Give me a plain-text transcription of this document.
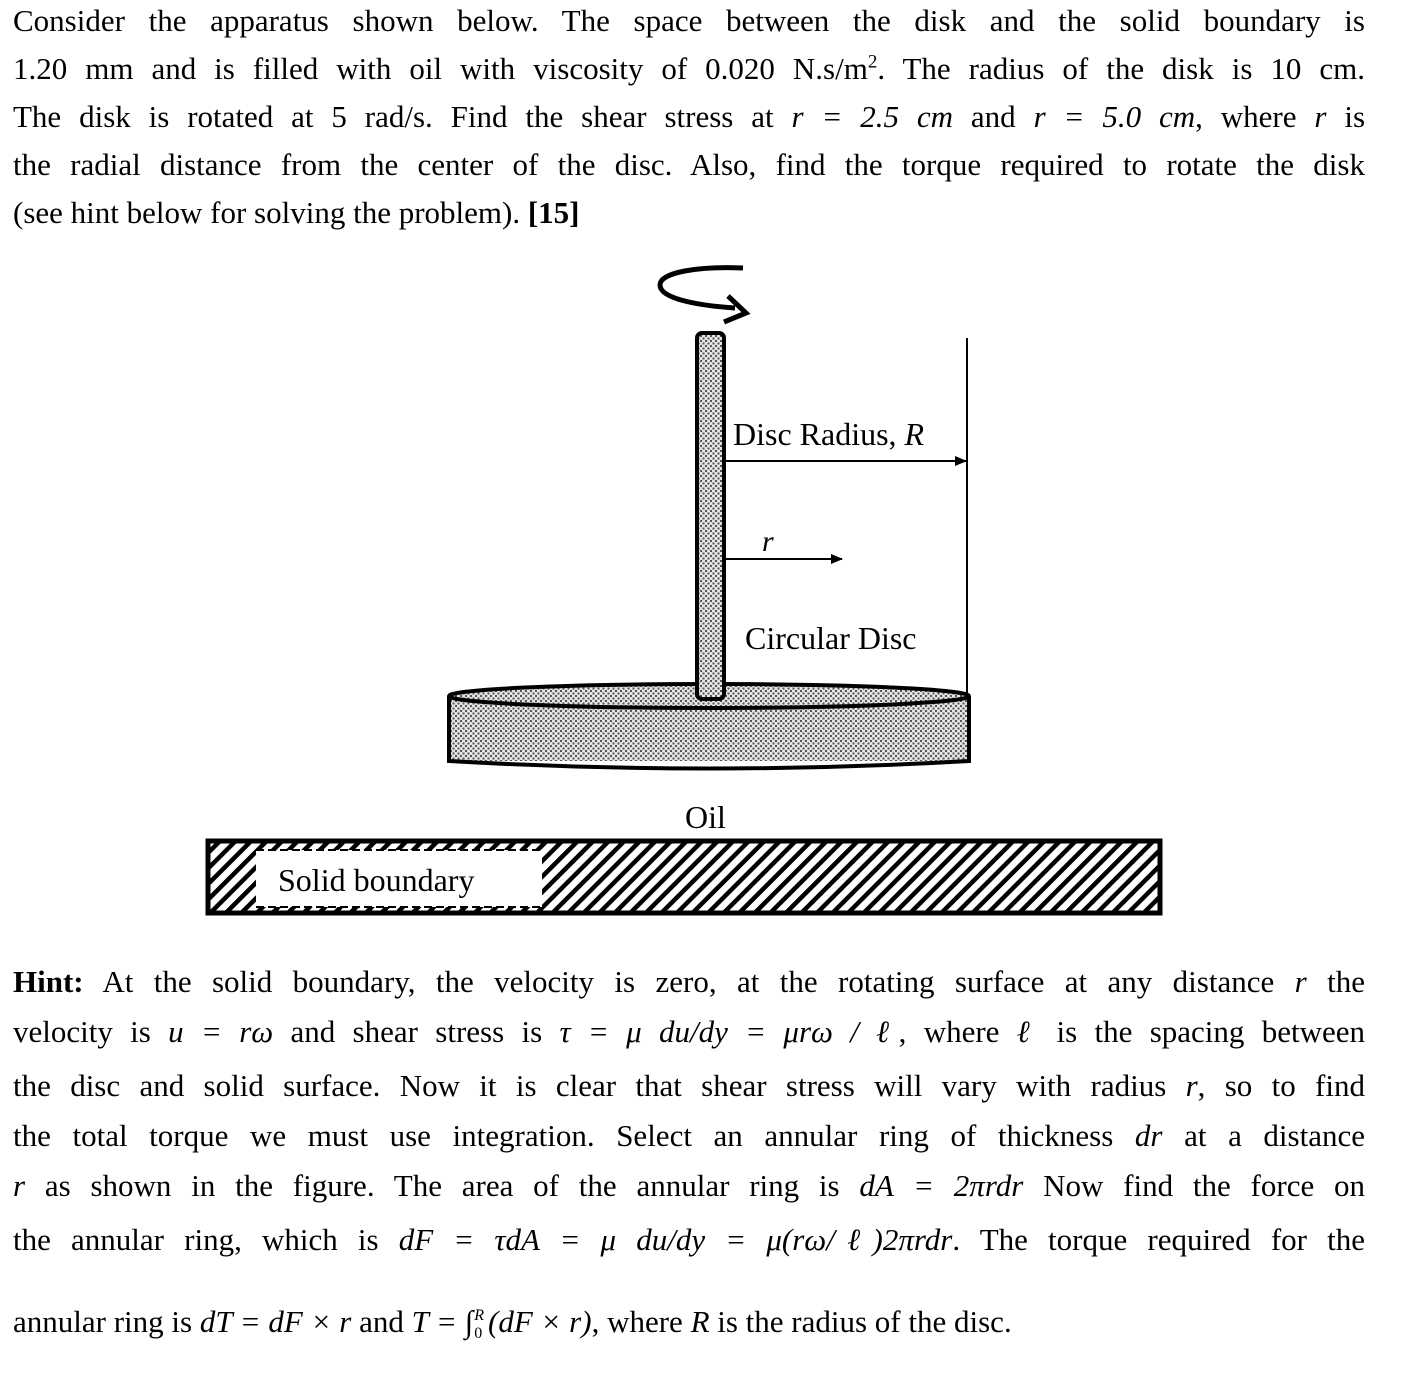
Consider the apparatus shown below. The space between the disk and the solid boundary is
1.20 mm and is filled with oil with viscosity of 0.020 $N.s/m^2$. The radius of the disk is 10 cm.
The disk is rotated at 5 rad/s. Find the shear stress at r = 2.5 cm and r = 5.0 cm, where r is
the radial distance from the center of the disc. Also, find the torque required to rotate the disk
(see hint below for solving the problem). [15]
Disc Radius, R
r
Circular Disc
Oil
Solid boundary
Hint: At the solid boundary, the velocity is zero, at the rotating surface at any distance r the
velocity is u = rω and shear stress is τ = μ du/dy = μrω / ℓ, where ℓ is the spacing between
the disc and solid surface. Now it is clear that shear stress will vary with radius r, so to find
the total torque we must use integration. Select an annular ring of thickness dr at a distance
r as shown in the figure. The area of the annular ring is dA = 2πrdr Now find the force on
the annular ring, which is dF = τdA = μ du/dy = μ(rω/ℓ)2πrdr. The torque required for the
annular ring is dT = dF × r and T = ∫ R
0 (dF × r), where R is the radius of the disc.
